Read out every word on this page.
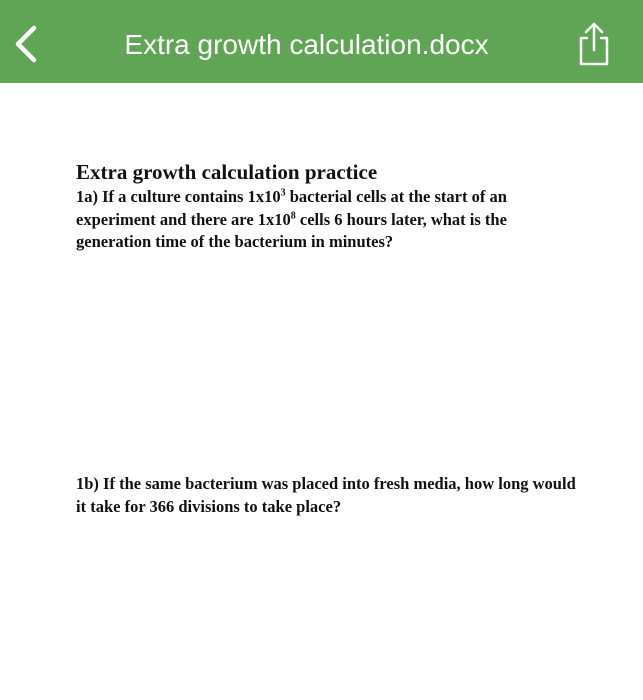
Extra growth calculation.docx
Extra growth calculation practice
1a) If a culture contains $1x10^3$ bacterial cells at the start of an experiment and there are $1x10^8$ cells 6 hours later, what is the generation time of the bacterium in minutes?
1b) If the same bacterium was placed into fresh media, how long would it take for 366 divisions to take place?
